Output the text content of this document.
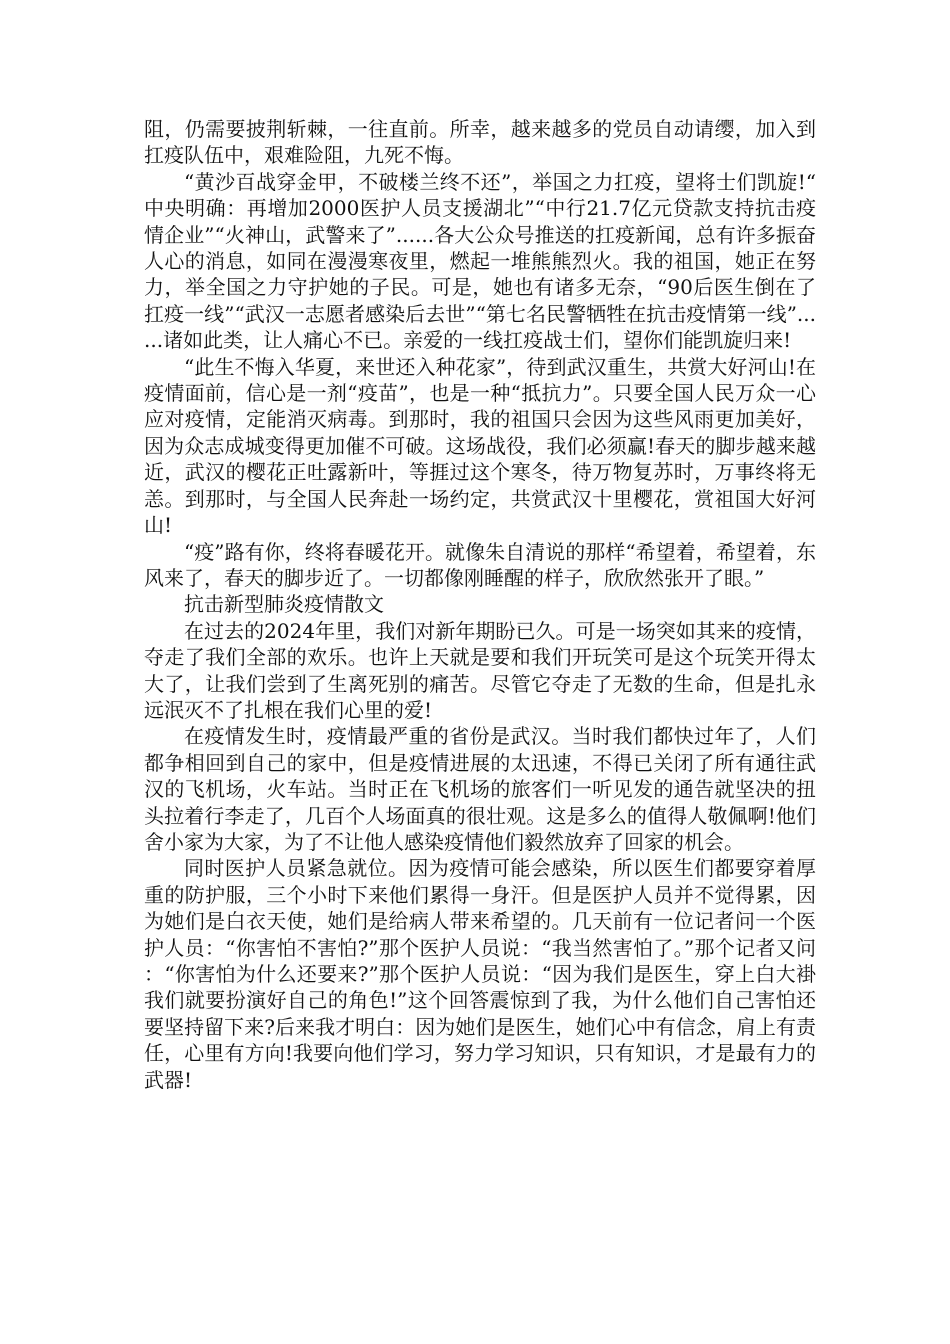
阻，仍需要披荆斩棘，一往直前。所幸，越来越多的党员自动请缨，加入到扛疫队伍中，艰难险阻，九死不悔。

“黄沙百战穿金甲，不破楼兰终不还”，举国之力扛疫，望将士们凯旋!“中央明确：再增加2000医护人员支援湖北”“中行21.7亿元贷款支持抗击疫情企业”“火神山，武警来了”......各大公众号推送的扛疫新闻，总有许多振奋人心的消息，如同在漫漫寒夜里，燃起一堆熊熊烈火。我的祖国，她正在努力，举全国之力守护她的子民。可是，她也有诸多无奈，“90后医生倒在了扛疫一线”“武汉一志愿者感染后去世”“第七名民警牺牲在抗击疫情第一线”......诸如此类，让人痛心不已。亲爱的一线扛疫战士们，望你们能凯旋归来!

“此生不悔入华夏，来世还入种花家”，待到武汉重生，共赏大好河山!在疫情面前，信心是一剂“疫苗”，也是一种“抵抗力”。只要全国人民万众一心应对疫情，定能消灭病毒。到那时，我的祖国只会因为这些风雨更加美好，因为众志成城变得更加催不可破。这场战役，我们必须赢!春天的脚步越来越近，武汉的樱花正吐露新叶，等捱过这个寒冬，待万物复苏时，万事终将无恙。到那时，与全国人民奔赴一场约定，共赏武汉十里樱花，赏祖国大好河山!

“疫”路有你，终将春暖花开。就像朱自清说的那样“希望着，希望着，东风来了，春天的脚步近了。一切都像刚睡醒的样子，欣欣然张开了眼。”

抗击新型肺炎疫情散文

在过去的2024年里，我们对新年期盼已久。可是一场突如其来的疫情，夺走了我们全部的欢乐。也许上天就是要和我们开玩笑可是这个玩笑开得太大了，让我们尝到了生离死别的痛苦。尽管它夺走了无数的生命，但是扎永远泯灭不了扎根在我们心里的爱!

在疫情发生时，疫情最严重的省份是武汉。当时我们都快过年了，人们都争相回到自己的家中，但是疫情进展的太迅速，不得已关闭了所有通往武汉的飞机场，火车站。当时正在飞机场的旅客们一听见发的通告就坚决的扭头拉着行李走了，几百个人场面真的很壮观。这是多么的值得人敬佩啊!他们舍小家为大家，为了不让他人感染疫情他们毅然放弃了回家的机会。

同时医护人员紧急就位。因为疫情可能会感染，所以医生们都要穿着厚重的防护服，三个小时下来他们累得一身汗。但是医护人员并不觉得累，因为她们是白衣天使，她们是给病人带来希望的。几天前有一位记者问一个医护人员：“你害怕不害怕?”那个医护人员说：“我当然害怕了。”那个记者又问：“你害怕为什么还要来?”那个医护人员说：“因为我们是医生，穿上白大褂我们就要扮演好自己的角色!”这个回答震惊到了我，为什么他们自己害怕还要坚持留下来?后来我才明白：因为她们是医生，她们心中有信念，肩上有责任，心里有方向!我要向他们学习，努力学习知识，只有知识，才是最有力的武器!
